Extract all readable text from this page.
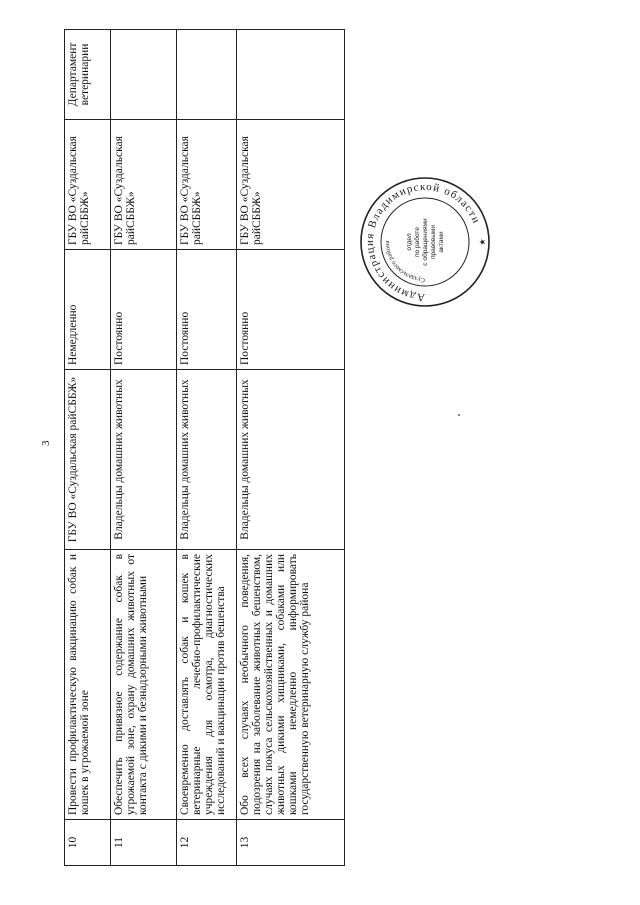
3
10	Провести профилактическую вакцинацию собак и кошек в угрожаемой зоне	ГБУ ВО «Суздальская райСББЖ»	Немедленно	ГБУ ВО «Суздальская райСББЖ»	Департамент ветеринарии
11	Обеспечить привязное содержание собак в угрожаемой зоне, охрану домашних животных от контакта с дикими и безнадзорными животными	Владельцы домашних животных	Постоянно	ГБУ ВО «Суздальская райСББЖ»	
12	Своевременно доставлять собак и кошек в ветеринарные лечебно-профилактические учреждения для осмотра, диагностических исследований и вакцинации против бешенства	Владельцы домашних животных	Постоянно	ГБУ ВО «Суздальская райСББЖ»	
13	Обо всех случаях необычного поведения, подозрения на заболевание животных бешенством, случаях покуса сельскохозяйственных и домашних животных дикими хищниками, собаками или кошками немедленно информировать государственную ветеринарную службу района	Владельцы домашних животных	Постоянно	ГБУ ВО «Суздальская райСББЖ»	
Администрация Владимирской области
Суздальского района	отдел по работе с обращениями правовыми актами	★
